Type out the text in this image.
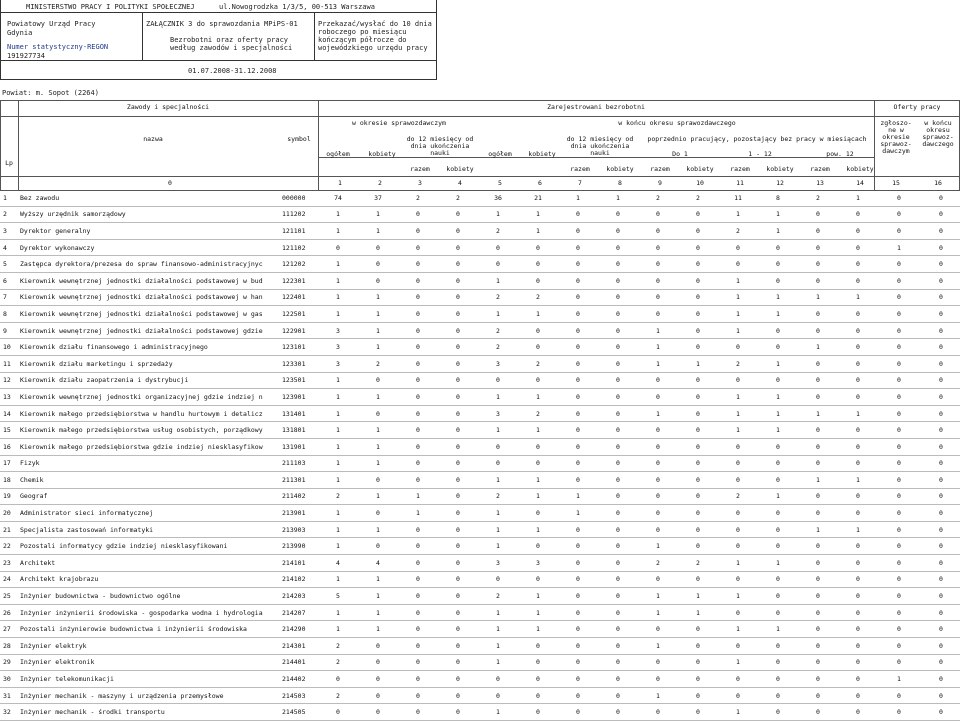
MINISTERSTWO PRACY I POLITYKI SPOŁECZNEJ	ul.Nowogrodzka 1/3/5, 00-513 Warszawa
Powiatowy Urząd Pracy
Gdynia
Numer statystyczny-REGON
191927734
ZAŁĄCZNIK 3 do sprawozdania MPiPS-01
Bezrobotni oraz oferty pracy
według zawodów i specjalności
Przekazać/wysłać do 10 dnia
roboczego po miesiącu
kończącym półrocze do
wojewódzkiego urzędu pracy
01.07.2008-31.12.2008
Powiat: m. Sopot (2264)
Zawody i specjalności	Zarejestrowani bezrobotni	Oferty pracy
Lp
nazwa	symbol
w okresie sprawozdawczym	w końcu okresu sprawozdawczego
ogółem	kobiety
do 12 miesięcy od
dnia ukończenia
nauki
razem	kobiety
ogółem	kobiety
do 12 miesięcy od
dnia ukończenia
nauki
poprzednio pracujący, pozostający bez pracy w miesiącach
Do 1	1 - 12	pow. 12
razem	kobiety	razem	kobiety	razem	kobiety	razem	kobiety
zgłoszo-
ne w
okresie
sprawoz-
dawczym
w końcu
okresu
sprawoz-
dawczego
1	Bez zawodu	000000	74	37	2	2	36	21	1	1	2	2	11	8	2	1	0	0
2	Wyższy urzędnik samorządowy	111202	1	1	0	0	1	1	0	0	0	0	1	1	0	0	0	0
3	Dyrektor generalny	121101	1	1	0	0	2	1	0	0	0	0	2	1	0	0	0	0
4	Dyrektor wykonawczy	121102	0	0	0	0	0	0	0	0	0	0	0	0	0	0	1	0
5	Zastępca dyrektora/prezesa do spraw finansowo-administracyjnyc	121202	1	0	0	0	0	0	0	0	0	0	0	0	0	0	0	0
6	Kierownik wewnętrznej jednostki działalności podstawowej w bud	122301	1	0	0	0	1	0	0	0	0	0	1	0	0	0	0	0
7	Kierownik wewnętrznej jednostki działalności podstawowej w han	122401	1	1	0	0	2	2	0	0	0	0	1	1	1	1	0	0
8	Kierownik wewnętrznej jednostki działalności podstawowej w gas	122501	1	1	0	0	1	1	0	0	0	0	1	1	0	0	0	0
9	Kierownik wewnętrznej jednostki działalności podstawowej gdzie	122901	3	1	0	0	2	0	0	0	1	0	1	0	0	0	0	0
10	Kierownik działu finansowego i administracyjnego	123101	3	1	0	0	2	0	0	0	1	0	0	0	1	0	0	0
11	Kierownik działu marketingu i sprzedaży	123301	3	2	0	0	3	2	0	0	1	1	2	1	0	0	0	0
12	Kierownik działu zaopatrzenia i dystrybucji	123501	1	0	0	0	0	0	0	0	0	0	0	0	0	0	0	0
13	Kierownik wewnętrznej jednostki organizacyjnej gdzie indziej n	123901	1	1	0	0	1	1	0	0	0	0	1	1	0	0	0	0
14	Kierownik małego przedsiębiorstwa w handlu hurtowym i detalicz	131401	1	0	0	0	3	2	0	0	1	0	1	1	1	1	0	0
15	Kierownik małego przedsiębiorstwa usług osobistych, porządkowy	131801	1	1	0	0	1	1	0	0	0	0	1	1	0	0	0	0
16	Kierownik małego przedsiębiorstwa gdzie indziej niesklasyfikow	131901	1	1	0	0	0	0	0	0	0	0	0	0	0	0	0	0
17	Fizyk	211103	1	1	0	0	0	0	0	0	0	0	0	0	0	0	0	0
18	Chemik	211301	1	0	0	0	1	1	0	0	0	0	0	0	1	1	0	0
19	Geograf	211402	2	1	1	0	2	1	1	0	0	0	2	1	0	0	0	0
20	Administrator sieci informatycznej	213901	1	0	1	0	1	0	1	0	0	0	0	0	0	0	0	0
21	Specjalista zastosowań informatyki	213903	1	1	0	0	1	1	0	0	0	0	0	0	1	1	0	0
22	Pozostali informatycy gdzie indziej niesklasyfikowani	213990	1	0	0	0	1	0	0	0	1	0	0	0	0	0	0	0
23	Architekt	214101	4	4	0	0	3	3	0	0	2	2	1	1	0	0	0	0
24	Architekt krajobrazu	214102	1	1	0	0	0	0	0	0	0	0	0	0	0	0	0	0
25	Inżynier budownictwa - budownictwo ogólne	214203	5	1	0	0	2	1	0	0	1	1	1	0	0	0	0	0
26	Inżynier inżynierii środowiska - gospodarka wodna i hydrologia	214207	1	1	0	0	1	1	0	0	1	1	0	0	0	0	0	0
27	Pozostali inżynierowie budownictwa i inżynierii środowiska	214290	1	1	0	0	1	1	0	0	0	0	1	1	0	0	0	0
28	Inżynier elektryk	214301	2	0	0	0	1	0	0	0	1	0	0	0	0	0	0	0
29	Inżynier elektronik	214401	2	0	0	0	1	0	0	0	0	0	1	0	0	0	0	0
30	Inżynier telekomunikacji	214402	0	0	0	0	0	0	0	0	0	0	0	0	0	0	1	0
31	Inżynier mechanik - maszyny i urządzenia przemysłowe	214503	2	0	0	0	0	0	0	0	1	0	0	0	0	0	0	0
32	Inżynier mechanik - środki transportu	214505	0	0	0	0	1	0	0	0	0	0	1	0	0	0	0	0
0	1	2	3	4	5	6	7	8	9	10	11	12	13	14	15	16
